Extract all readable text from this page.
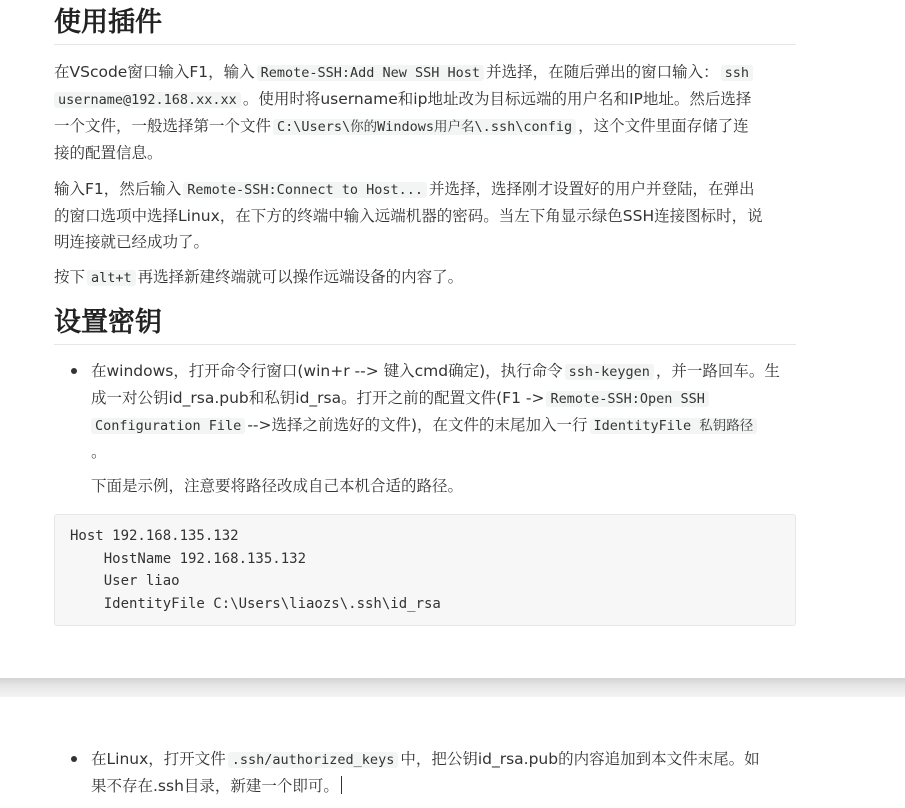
使用插件

在VScode窗口输入F1，输入 Remote-SSH:Add New SSH Host 并选择，在随后弹出的窗口输入： ssh

username@192.168.xx.xx 。使用时将username和ip地址改为目标远端的用户名和IP地址。然后选择

一个文件，一般选择第一个文件 C:\Users\你的Windows用户名\.ssh\config ，这个文件里面存储了连

接的配置信息。

输入F1，然后输入 Remote-SSH:Connect to Host... 并选择，选择刚才设置好的用户并登陆，在弹出

的窗口选项中选择Linux，在下方的终端中输入远端机器的密码。当左下角显示绿色SSH连接图标时，说

明连接就已经成功了。

按下 alt+t 再选择新建终端就可以操作远端设备的内容了。

设置密钥
在windows，打开命令行窗口(win+r --> 键入cmd确定)，执行命令 ssh-keygen ，并一路回车。生
成一对公钥id_rsa.pub和私钥id_rsa。打开之前的配置文件(F1 -> Remote-SSH:Open SSH
Configuration File -->选择之前选好的文件)，在文件的末尾加入一行 IdentityFile 私钥路径
。
下面是示例，注意要将路径改成自己本机合适的路径。
Host 192.168.135.132
HostName 192.168.135.132
User liao
IdentityFile C:\Users\liaozs\.ssh\id_rsa
在Linux，打开文件 .ssh/authorized_keys 中，把公钥id_rsa.pub的内容追加到本文件末尾。如
果不存在.ssh目录，新建一个即可。
